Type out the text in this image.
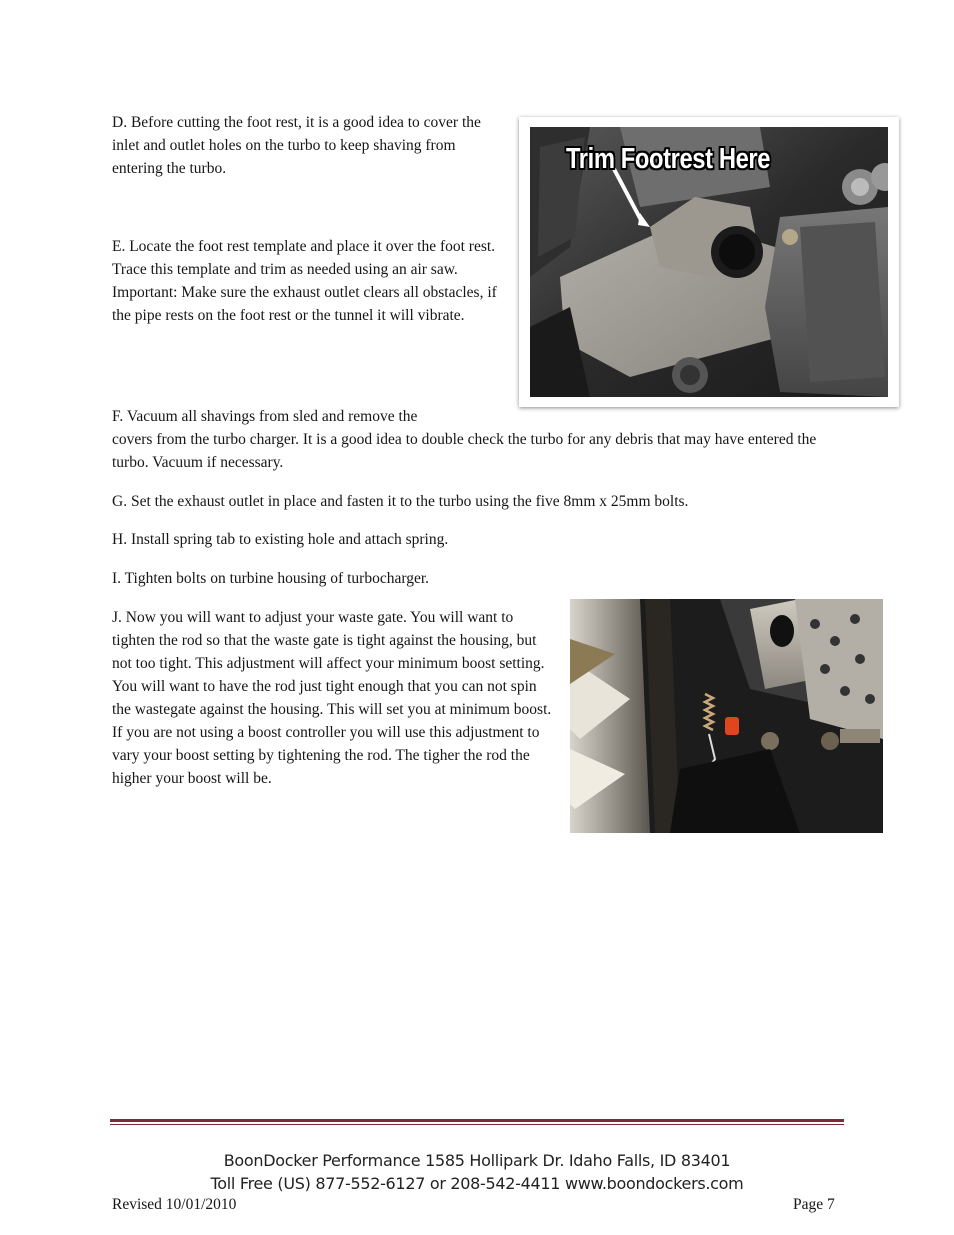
D. Before cutting the foot rest, it is a good idea to cover the inlet and outlet holes on the turbo to keep shaving from entering the turbo.

E. Locate the foot rest template and place it over the foot rest. Trace this template and trim as needed using an air saw. Important: Make sure the exhaust outlet clears all obstacles, if the pipe rests on the foot rest or the tunnel it will vibrate.

F. Vacuum all shavings from sled and remove the

covers from the turbo charger. It is a good idea to double check the turbo for any debris that may have entered the turbo. Vacuum if necessary.

G. Set the exhaust outlet in place and fasten it to the turbo using the five 8mm x 25mm bolts.

H. Install spring tab to existing hole and attach spring.

I. Tighten bolts on turbine housing of turbocharger.

J. Now you will want to adjust your waste gate. You will want to tighten the rod so that the waste gate is tight against the housing, but not too tight. This adjustment will affect your minimum boost setting. You will want to have the rod just tight enough that you can not spin the wastegate against the housing. This will set you at minimum boost. If you are not using a boost controller you will use this adjustment to vary your boost setting by tightening the rod. The tigher the rod the higher your boost will be.

Trim Footrest Here
BoonDocker Performance 1585 Hollipark Dr. Idaho Falls, ID 83401
Toll Free (US) 877-552-6127 or 208-542-4411 www.boondockers.com
Revised 10/01/2010	Page 7
